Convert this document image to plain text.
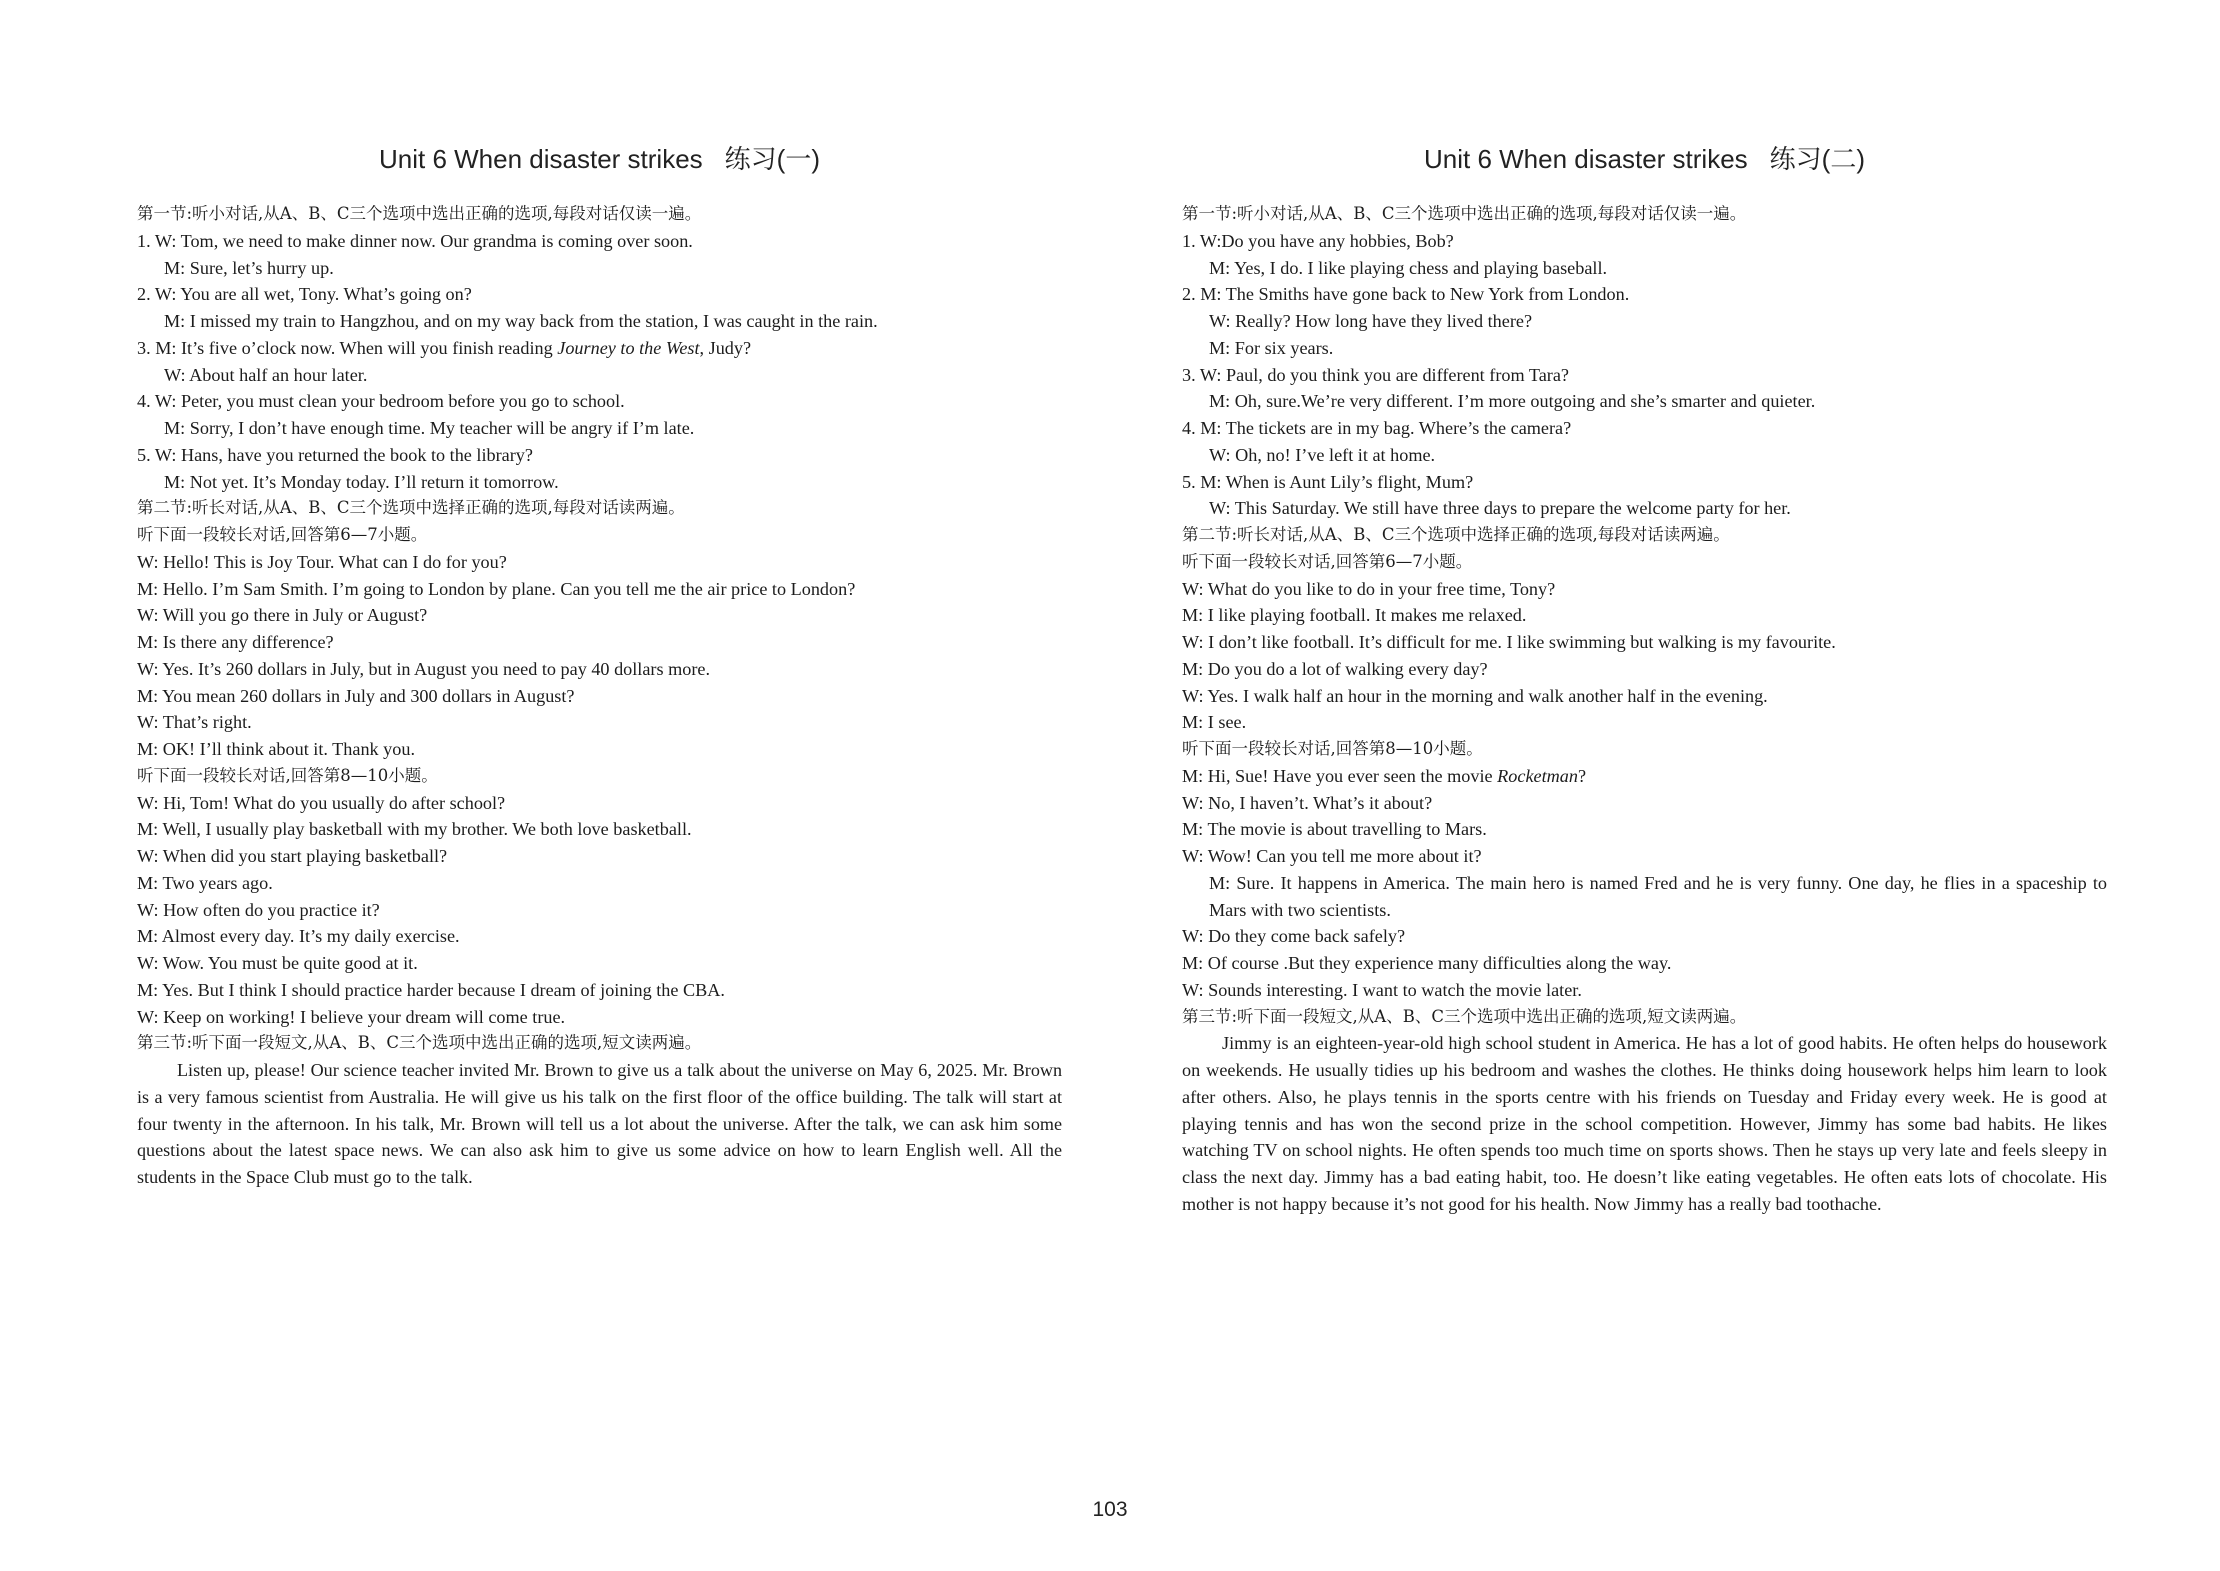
Unit 6 When disaster strikes 练习(一)
第一节:听小对话,从A、B、C三个选项中选出正确的选项,每段对话仅读一遍。
1. W: Tom, we need to make dinner now. Our grandma is coming over soon.
M: Sure, let’s hurry up.
2. W: You are all wet, Tony. What’s going on?
M: I missed my train to Hangzhou, and on my way back from the station, I was caught in the rain.
3. M: It’s five o’clock now. When will you finish reading Journey to the West, Judy?
W: About half an hour later.
4. W: Peter, you must clean your bedroom before you go to school.
M: Sorry, I don’t have enough time. My teacher will be angry if I’m late.
5. W: Hans, have you returned the book to the library?
M: Not yet. It’s Monday today. I’ll return it tomorrow.
第二节:听长对话,从A、B、C三个选项中选择正确的选项,每段对话读两遍。
听下面一段较长对话,回答第6—7小题。
W: Hello! This is Joy Tour. What can I do for you?
M: Hello. I’m Sam Smith. I’m going to London by plane. Can you tell me the air price to London?
W: Will you go there in July or August?
M: Is there any difference?
W: Yes. It’s 260 dollars in July, but in August you need to pay 40 dollars more.
M: You mean 260 dollars in July and 300 dollars in August?
W: That’s right.
M: OK! I’ll think about it. Thank you.
听下面一段较长对话,回答第8—10小题。
W: Hi, Tom! What do you usually do after school?
M: Well, I usually play basketball with my brother. We both love basketball.
W: When did you start playing basketball?
M: Two years ago.
W: How often do you practice it?
M: Almost every day. It’s my daily exercise.
W: Wow. You must be quite good at it.
M: Yes. But I think I should practice harder because I dream of joining the CBA.
W: Keep on working! I believe your dream will come true.
第三节:听下面一段短文,从A、B、C三个选项中选出正确的选项,短文读两遍。
Listen up, please! Our science teacher invited Mr. Brown to give us a talk about the universe on May 6, 2025. Mr. Brown is a very famous scientist from Australia. He will give us his talk on the first floor of the office building. The talk will start at four twenty in the afternoon. In his talk, Mr. Brown will tell us a lot about the universe. After the talk, we can ask him some questions about the latest space news. We can also ask him to give us some advice on how to learn English well. All the students in the Space Club must go to the talk.
Unit 6 When disaster strikes 练习(二)
第一节:听小对话,从A、B、C三个选项中选出正确的选项,每段对话仅读一遍。
1. W:Do you have any hobbies, Bob?
M: Yes, I do. I like playing chess and playing baseball.
2. M: The Smiths have gone back to New York from London.
W: Really? How long have they lived there?
M: For six years.
3. W: Paul, do you think you are different from Tara?
M: Oh, sure.We’re very different. I’m more outgoing and she’s smarter and quieter.
4. M: The tickets are in my bag. Where’s the camera?
W: Oh, no! I’ve left it at home.
5. M: When is Aunt Lily’s flight, Mum?
W: This Saturday. We still have three days to prepare the welcome party for her.
第二节:听长对话,从A、B、C三个选项中选择正确的选项,每段对话读两遍。
听下面一段较长对话,回答第6—7小题。
W: What do you like to do in your free time, Tony?
M: I like playing football. It makes me relaxed.
W: I don’t like football. It’s difficult for me. I like swimming but walking is my favourite.
M: Do you do a lot of walking every day?
W: Yes. I walk half an hour in the morning and walk another half in the evening.
M: I see.
听下面一段较长对话,回答第8—10小题。
M: Hi, Sue! Have you ever seen the movie Rocketman?
W: No, I haven’t. What’s it about?
M: The movie is about travelling to Mars.
W: Wow! Can you tell me more about it?
M: Sure. It happens in America. The main hero is named Fred and he is very funny. One day, he flies in a spaceship to Mars with two scientists.
W: Do they come back safely?
M: Of course .But they experience many difficulties along the way.
W: Sounds interesting. I want to watch the movie later.
第三节:听下面一段短文,从A、B、C三个选项中选出正确的选项,短文读两遍。
Jimmy is an eighteen-year-old high school student in America. He has a lot of good habits. He often helps do housework on weekends. He usually tidies up his bedroom and washes the clothes. He thinks doing housework helps him learn to look after others. Also, he plays tennis in the sports centre with his friends on Tuesday and Friday every week. He is good at playing tennis and has won the second prize in the school competition. However, Jimmy has some bad habits. He likes watching TV on school nights. He often spends too much time on sports shows. Then he stays up very late and feels sleepy in class the next day. Jimmy has a bad eating habit, too. He doesn’t like eating vegetables. He often eats lots of chocolate. His mother is not happy because it’s not good for his health. Now Jimmy has a really bad toothache.
103
